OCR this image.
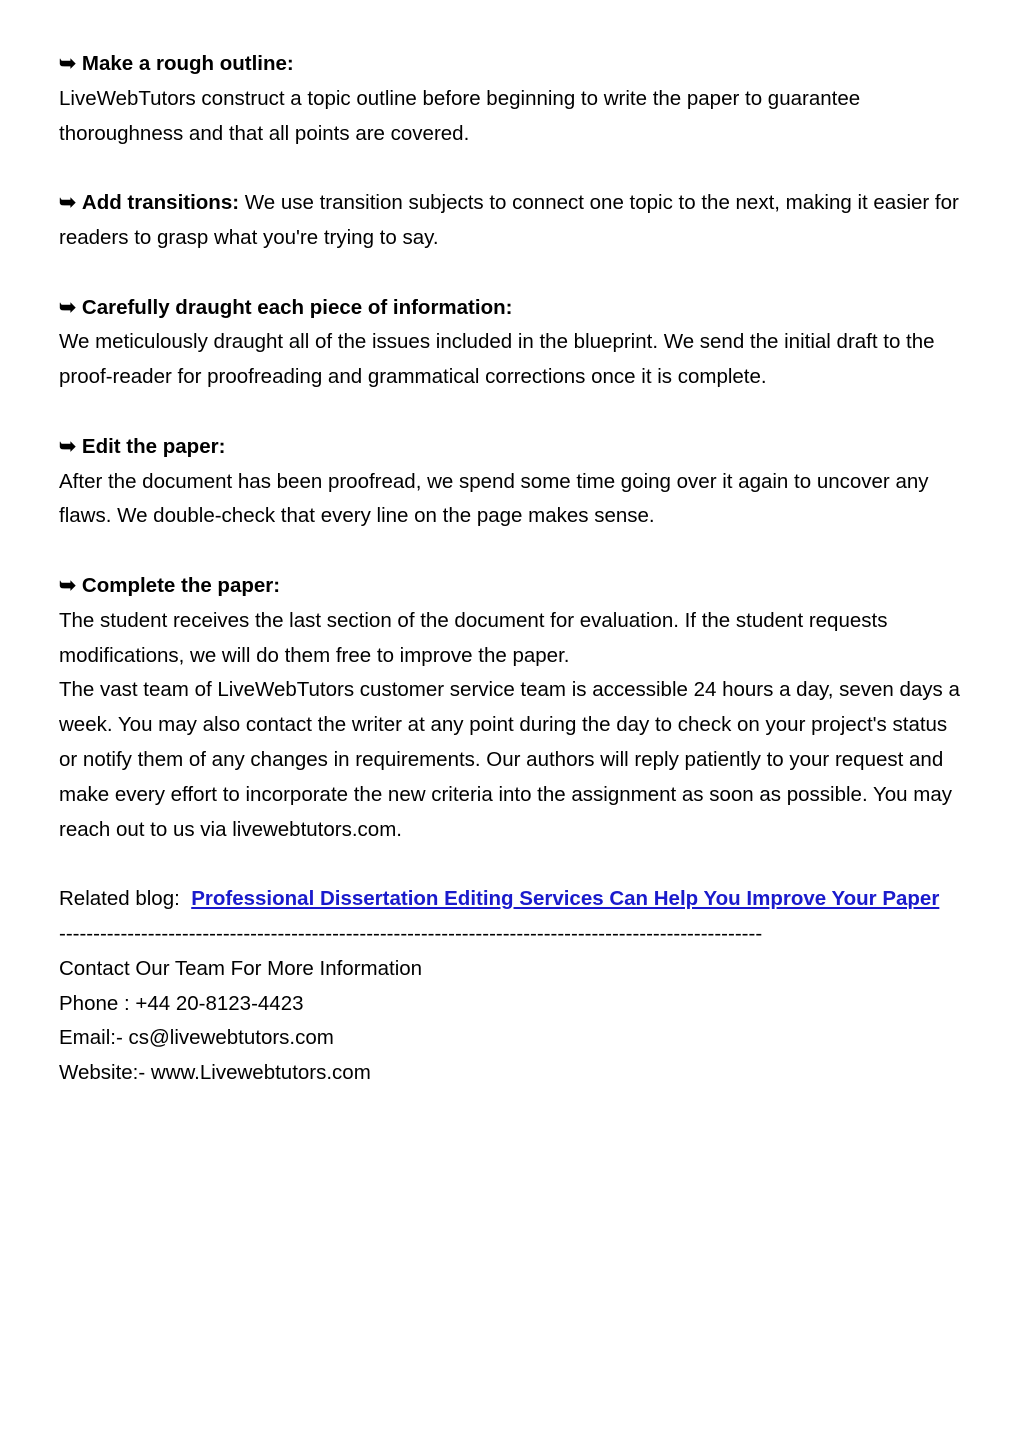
➥ Make a rough outline:

LiveWebTutors construct a topic outline before beginning to write the paper to guarantee thoroughness and that all points are covered.

➥ Add transitions: We use transition subjects to connect one topic to the next, making it easier for readers to grasp what you're trying to say.

➥ Carefully draught each piece of information:

We meticulously draught all of the issues included in the blueprint. We send the initial draft to the proof-reader for proofreading and grammatical corrections once it is complete.

➥ Edit the paper:

After the document has been proofread, we spend some time going over it again to uncover any flaws. We double-check that every line on the page makes sense.

➥ Complete the paper:

The student receives the last section of the document for evaluation. If the student requests modifications, we will do them free to improve the paper.

The vast team of LiveWebTutors customer service team is accessible 24 hours a day, seven days a week. You may also contact the writer at any point during the day to check on your project's status or notify them of any changes in requirements. Our authors will reply patiently to your request and make every effort to incorporate the new criteria into the assignment as soon as possible. You may reach out to us via livewebtutors.com.

Related blog: Professional Dissertation Editing Services Can Help You Improve Your Paper

-------------------------------------------------------------------------------------------------------

Contact Our Team For More Information

Phone : +44 20-8123-4423

Email:- cs@livewebtutors.com

Website:- www.Livewebtutors.com
